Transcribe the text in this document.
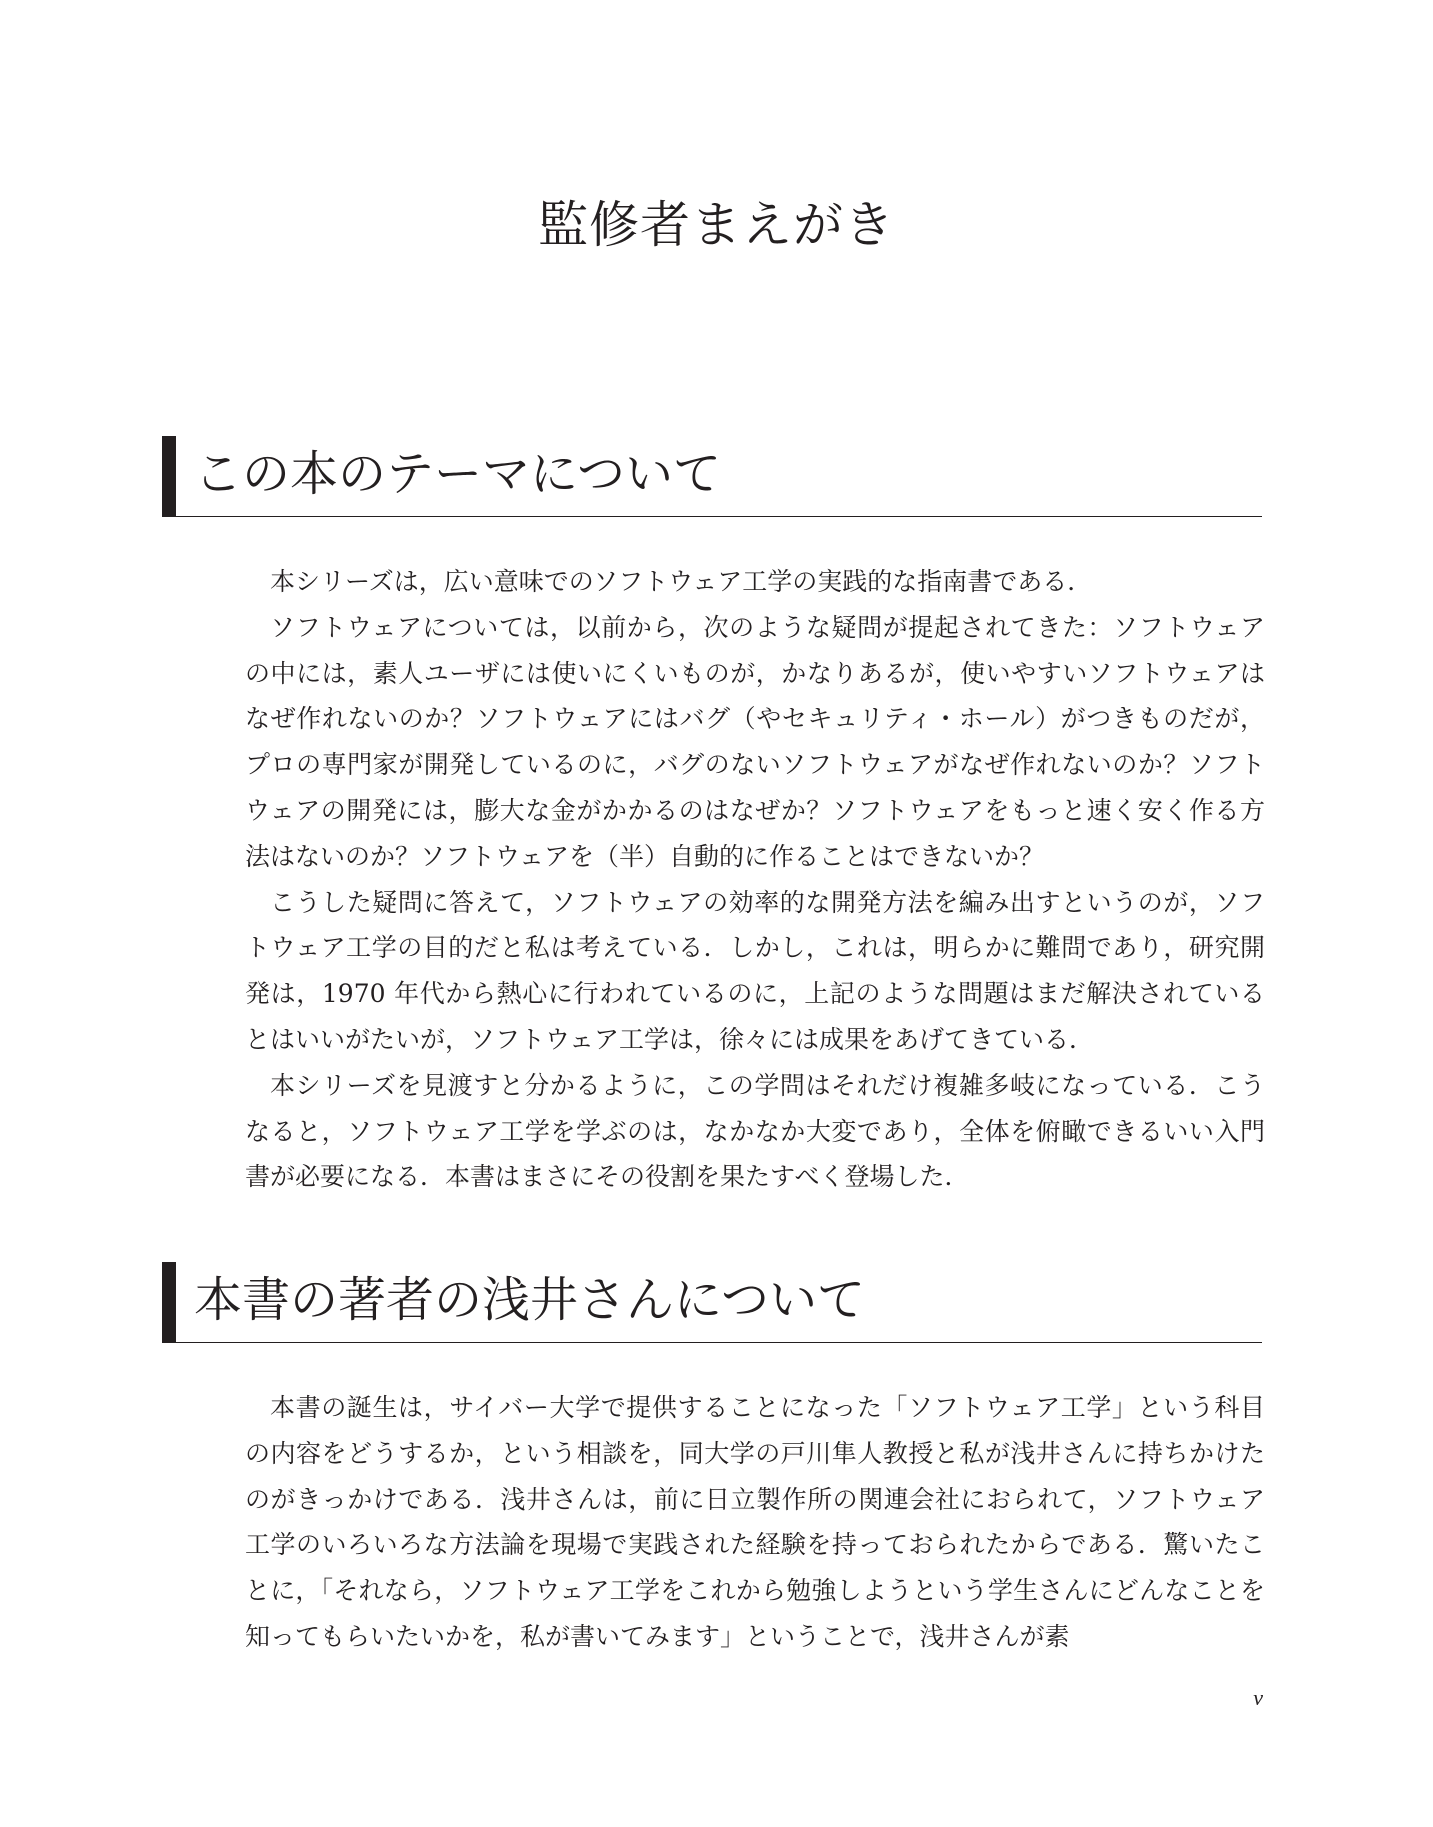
監修者まえがき
この本のテーマについて

本シリーズは，広い意味でのソフトウェア工学の実践的な指南書である．

ソフトウェアについては，以前から，次のような疑問が提起されてきた：ソフトウェアの中には，素人ユーザには使いにくいものが，かなりあるが，使いやすいソフトウェアはなぜ作れないのか？ソフトウェアにはバグ（やセキュリティ・ホール）がつきものだが，プロの専門家が開発しているのに，バグのないソフトウェアがなぜ作れないのか？ソフトウェアの開発には，膨大な金がかかるのはなぜか？ソフトウェアをもっと速く安く作る方法はないのか？ソフトウェアを（半）自動的に作ることはできないか？

こうした疑問に答えて，ソフトウェアの効率的な開発方法を編み出すというのが，ソフトウェア工学の目的だと私は考えている．しかし，これは，明らかに難問であり，研究開発は，1970 年代から熱心に行われているのに，上記のような問題はまだ解決されているとはいいがたいが，ソフトウェア工学は，徐々には成果をあげてきている．

本シリーズを見渡すと分かるように，この学問はそれだけ複雑多岐になっている．こうなると，ソフトウェア工学を学ぶのは，なかなか大変であり，全体を俯瞰できるいい入門書が必要になる．本書はまさにその役割を果たすべく登場した．

本書の著者の浅井さんについて

本書の誕生は，サイバー大学で提供することになった「ソフトウェア工学」という科目の内容をどうするか，という相談を，同大学の戸川隼人教授と私が浅井さんに持ちかけたのがきっかけである．浅井さんは，前に日立製作所の関連会社におられて，ソフトウェア工学のいろいろな方法論を現場で実践された経験を持っておられたからである．驚いたことに，「それなら，ソフトウェア工学をこれから勉強しようという学生さんにどんなことを知ってもらいたいかを，私が書いてみます」ということで，浅井さんが素

v
